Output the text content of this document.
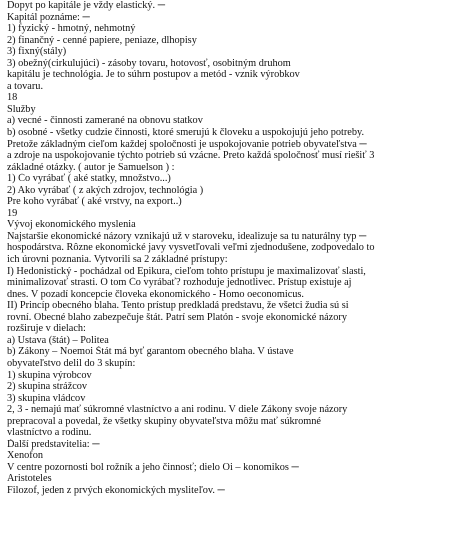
Dopyt po kapitále je vždy elastický. ─
Kapitál poznáme: ─
1) fyzický - hmotný, nehmotný
2) finančný - cenné papiere, peniaze, dlhopisy
3) fixný(stály)
3) obežný(cirkulujúci) - zásoby tovaru, hotovosť, osobitným druhom
kapitálu je technológia. Je to súhrn postupov a metód - vznik výrobkov
a tovaru.
18
Služby
a) vecné - činnosti zamerané na obnovu statkov
b) osobné - všetky cudzie činnosti, ktoré smerujú k človeku a uspokojujú jeho potreby.
Pretože základným cieľom každej spoločnosti je uspokojovanie potrieb obyvateľstva ─
a zdroje na uspokojovanie týchto potrieb sú vzácne. Preto každá spoločnosť musí riešiť 3
základné otázky. ( autor je Samuelson ) :
1) Čo vyrábať ( aké statky, množstvo...)
2) Ako vyrábať ( z akých zdrojov, technológia )
Pre koho vyrábať ( aké vrstvy, na export..)
19
Vývoj ekonomického myslenia
Najstaršie ekonomické názory vznikajú už v staroveku, idealizuje sa tu naturálny typ ─
hospodárstva. Rôzne ekonomické javy vysvetľovali veľmi zjednodušene, zodpovedalo to
ich úrovni poznania. Vytvorili sa 2 základné prístupy:
I) Hedonistický - pochádzal od Epikura, cieľom tohto prístupu je maximalizovať slasti,
minimalizovať strasti. O tom Čo vyrábať? rozhoduje jednotlivec. Prístup existuje aj
dnes. V pozadí koncepcie človeka ekonomického - Homo oeconomicus.
II) Princíp obecného blaha. Tento prístup predkladá predstavu, že všetci žudia sú si
rovní. Obecné blaho zabezpečuje štát. Patrí sem Platón - svoje ekonomické názory
rozširuje v dielach:
a) Ustava (štát) – Politea
b) Zákony – Noemoi Štát má byť garantom obecného blaha. V ústave
obyvateľstvo delil do 3 skupín:
1) skupina výrobcov
2) skupina strážcov
3) skupina vládcov
2, 3 - nemajú mať súkromné vlastníctvo a ani rodinu. V diele Zákony svoje názory
prepracoval a povedal, že všetky skupiny obyvateľstva môžu mať súkromné
vlastníctvo a rodinu.
Ďalší predstavitelia: ─
Xenofon
V centre pozornosti bol rožník a jeho činnosť; dielo Oi – konomikos ─
Aristoteles
Filozof, jeden z prvých ekonomických mysliteľov. ─
